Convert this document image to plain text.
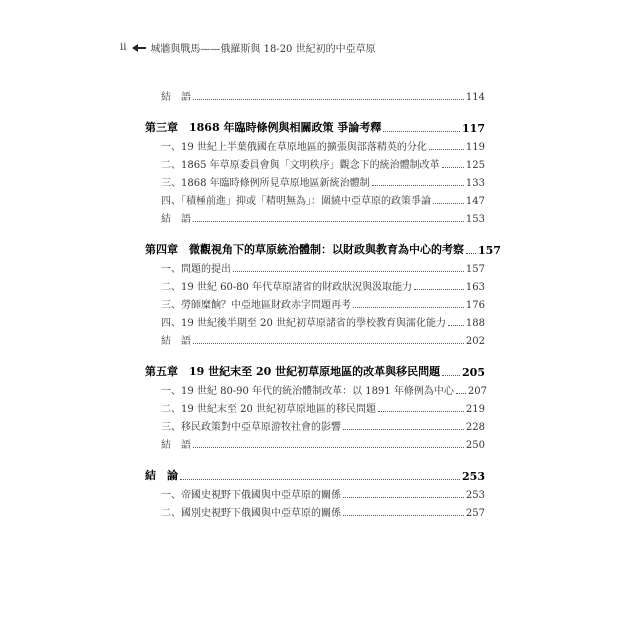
ii 城牆與戰馬——俄羅斯與 18-20 世紀初的中亞草原
結　語	114
第三章　1868 年臨時條例與相關政策 爭論考釋	117
一、19 世紀上半葉俄國在草原地區的擴張與部落精英的分化	119
二、1865 年草原委員會與「文明秩序」觀念下的統治體制改革	125
三、1868 年臨時條例所見草原地區新統治體制	133
四、「積極前進」抑或「精明無為」：圍繞中亞草原的政策爭論	147
結　語	153
第四章　微觀視角下的草原統治體制：以財政與教育為中心的考察 157
一、問題的提出	157
二、19 世紀 60-80 年代草原諸省的財政狀況與汲取能力	163
三、勞師糜餉？中亞地區財政赤字問題再考	176
四、19 世紀後半期至 20 世紀初草原諸省的學校教育與濡化能力 188
結　語	202
第五章　19 世紀末至 20 世紀初草原地區的改革與移民問題 205
一、19 世紀 80-90 年代的統治體制改革：以 1891 年條例為中心 207
二、19 世紀末至 20 世紀初草原地區的移民問題	219
三、移民政策對中亞草原游牧社會的影響	228
結　語	250
結　論	253
一、帝國史視野下俄國與中亞草原的關係	253
二、國別史視野下俄國與中亞草原的關係	257
